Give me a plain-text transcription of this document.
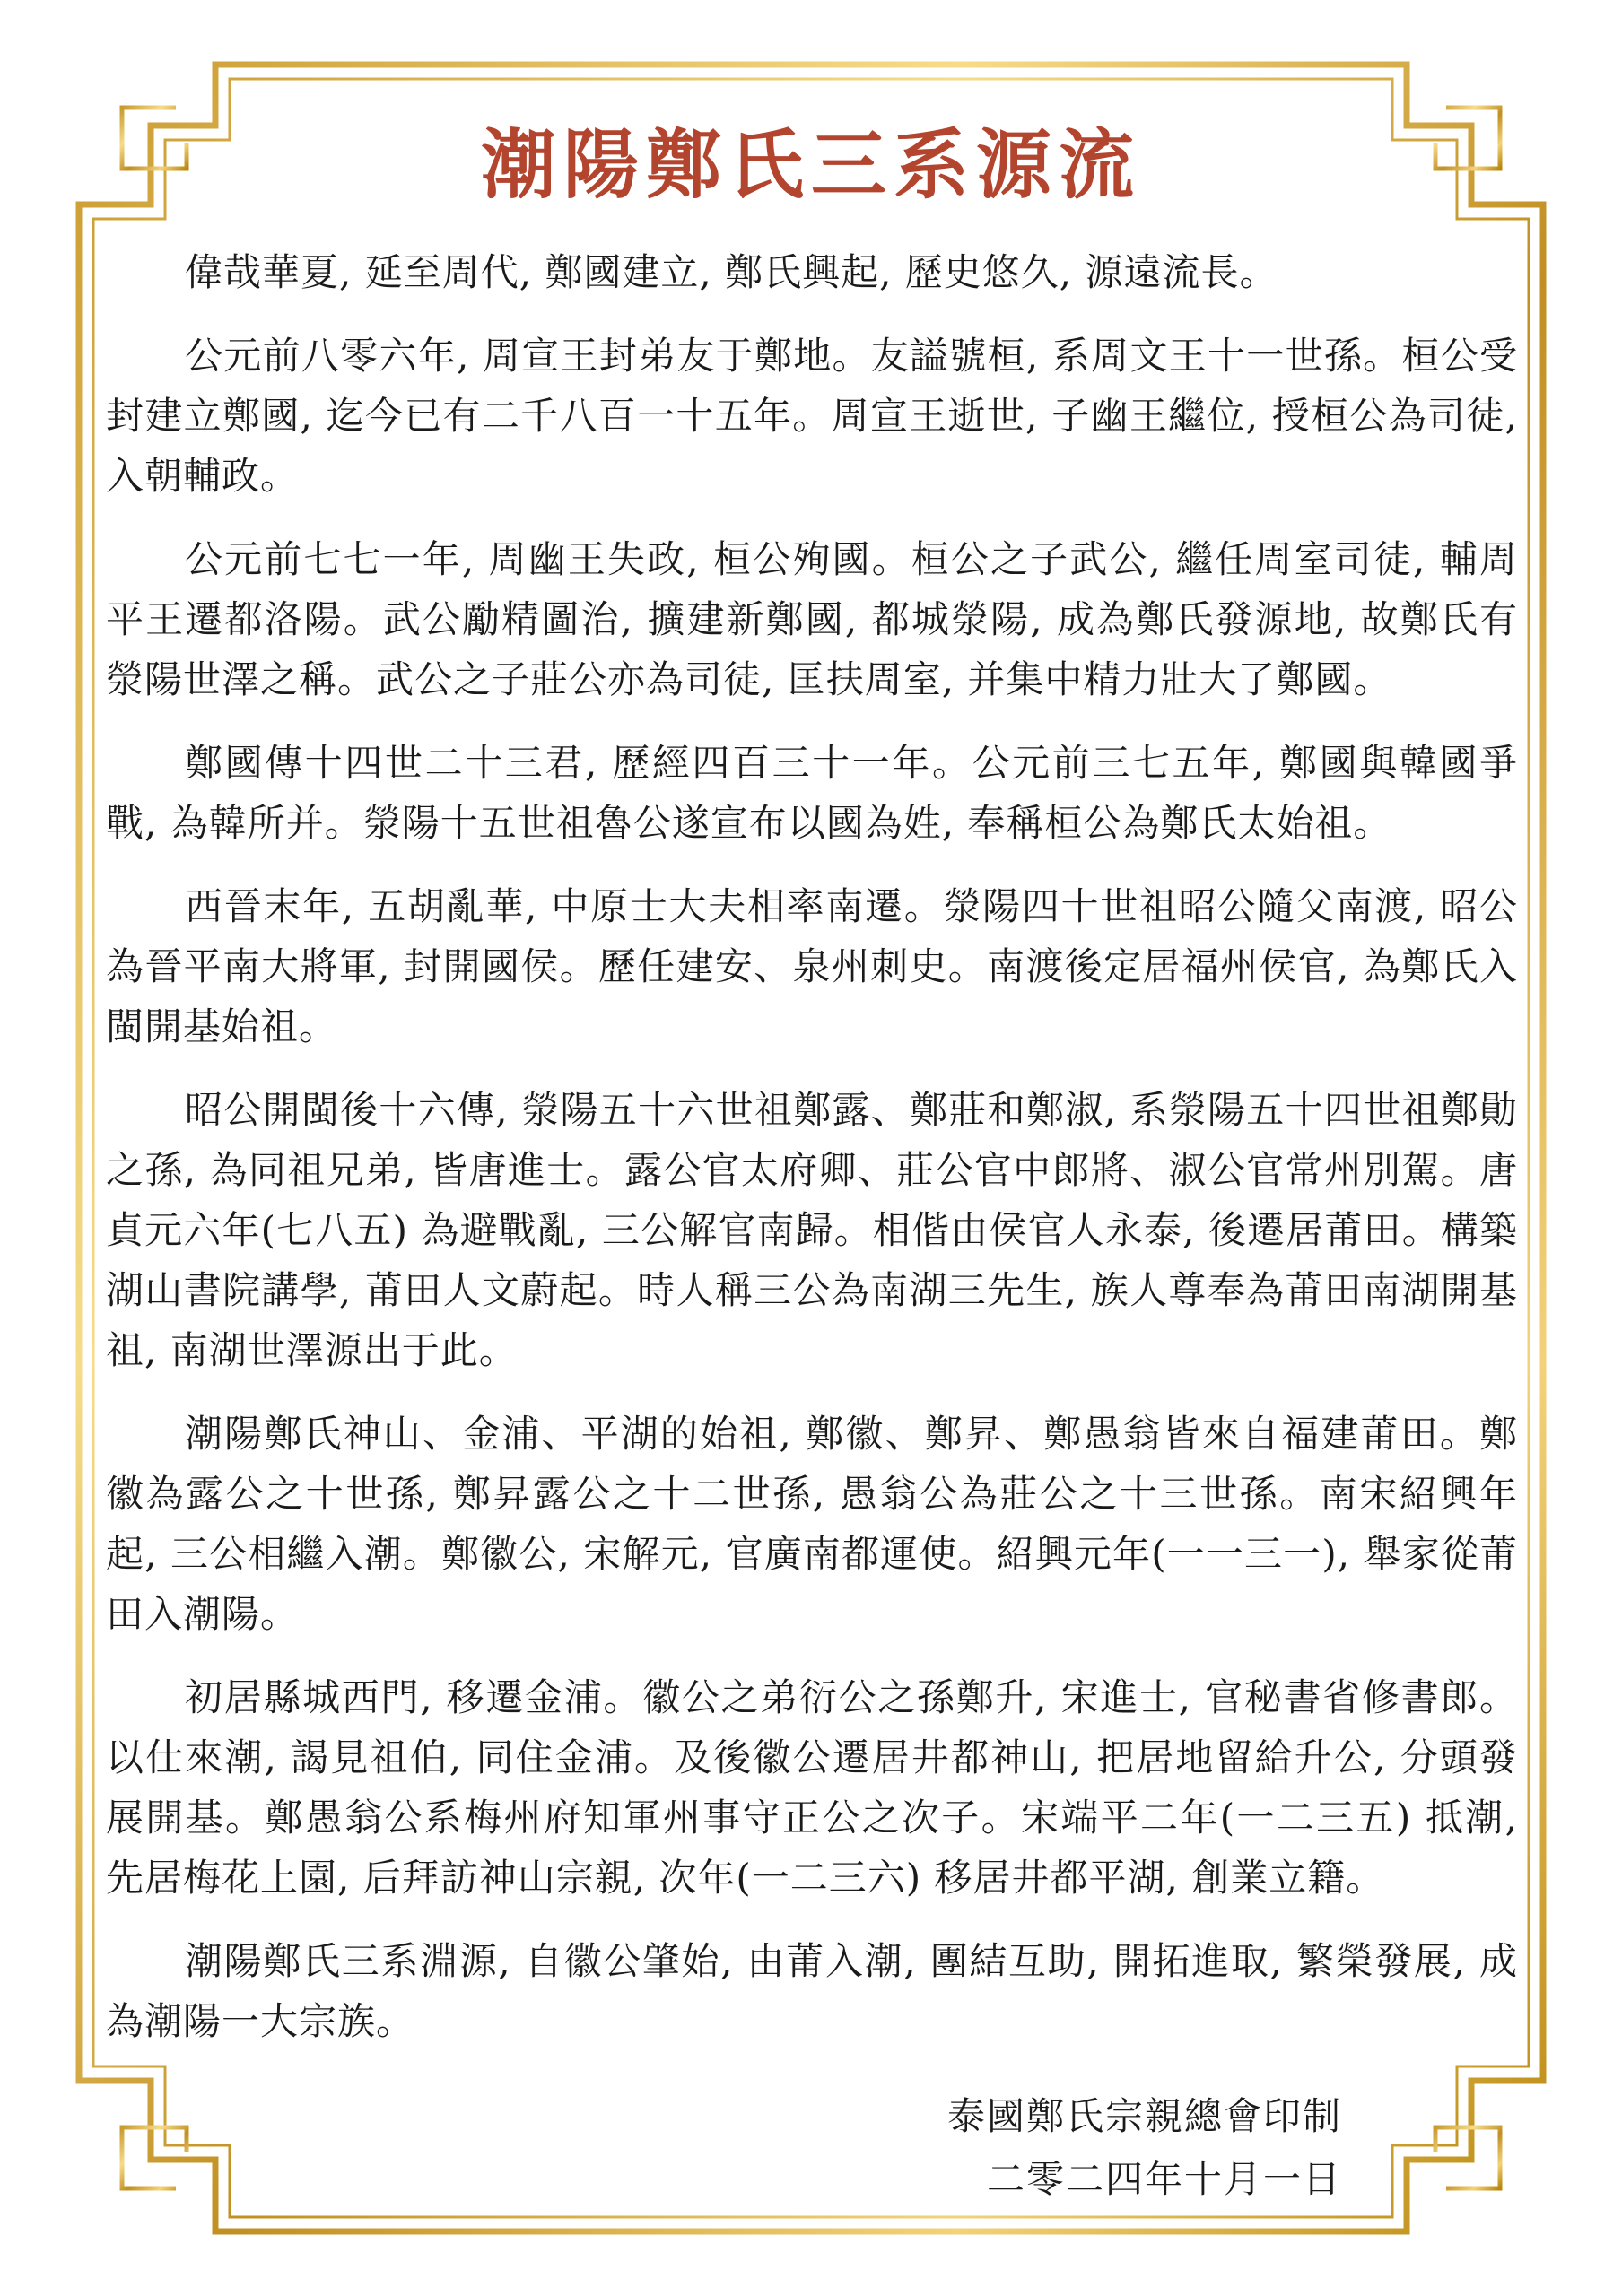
潮陽鄭氏三系源流

偉哉華夏, 延至周代, 鄭國建立, 鄭氏興起, 歷史悠久, 源遠流長。

公元前八零六年, 周宣王封弟友于鄭地。友謚號桓, 系周文王十一世孫。桓公受封建立鄭國, 迄今已有二千八百一十五年。周宣王逝世, 子幽王繼位, 授桓公為司徒, 入朝輔政。

公元前七七一年, 周幽王失政, 桓公殉國。桓公之子武公, 繼任周室司徒, 輔周平王遷都洛陽。武公勵精圖治, 擴建新鄭國, 都城滎陽, 成為鄭氏發源地, 故鄭氏有滎陽世澤之稱。武公之子莊公亦為司徒, 匡扶周室, 并集中精力壯大了鄭國。

鄭國傳十四世二十三君, 歷經四百三十一年。公元前三七五年, 鄭國與韓國爭戰, 為韓所并。滎陽十五世祖魯公遂宣布以國為姓, 奉稱桓公為鄭氏太始祖。

西晉末年, 五胡亂華, 中原士大夫相率南遷。滎陽四十世祖昭公隨父南渡, 昭公為晉平南大將軍, 封開國侯。歷任建安、泉州刺史。南渡後定居福州侯官, 為鄭氏入閩開基始祖。

昭公開閩後十六傳, 滎陽五十六世祖鄭露、鄭莊和鄭淑, 系滎陽五十四世祖鄭勛之孫, 為同祖兄弟, 皆唐進士。露公官太府卿、莊公官中郎將、淑公官常州別駕。唐貞元六年(七八五) 為避戰亂, 三公解官南歸。相偕由侯官人永泰, 後遷居莆田。構築湖山書院講學, 莆田人文蔚起。時人稱三公為南湖三先生, 族人尊奉為莆田南湖開基祖, 南湖世澤源出于此。

潮陽鄭氏神山、金浦、平湖的始祖, 鄭徽、鄭昇、鄭愚翁皆來自福建莆田。鄭徽為露公之十世孫, 鄭昇露公之十二世孫, 愚翁公為莊公之十三世孫。南宋紹興年起, 三公相繼入潮。鄭徽公, 宋解元, 官廣南都運使。紹興元年(一一三一), 舉家從莆田入潮陽。

初居縣城西門, 移遷金浦。徽公之弟衍公之孫鄭升, 宋進士, 官秘書省修書郎。以仕來潮, 謁見祖伯, 同住金浦。及後徽公遷居井都神山, 把居地留給升公, 分頭發展開基。鄭愚翁公系梅州府知軍州事守正公之次子。宋端平二年(一二三五) 抵潮, 先居梅花上園, 后拜訪神山宗親, 次年(一二三六) 移居井都平湖, 創業立籍。

潮陽鄭氏三系淵源, 自徽公肇始, 由莆入潮, 團結互助, 開拓進取, 繁榮發展, 成為潮陽一大宗族。

泰國鄭氏宗親總會印制
二零二四年十月一日
